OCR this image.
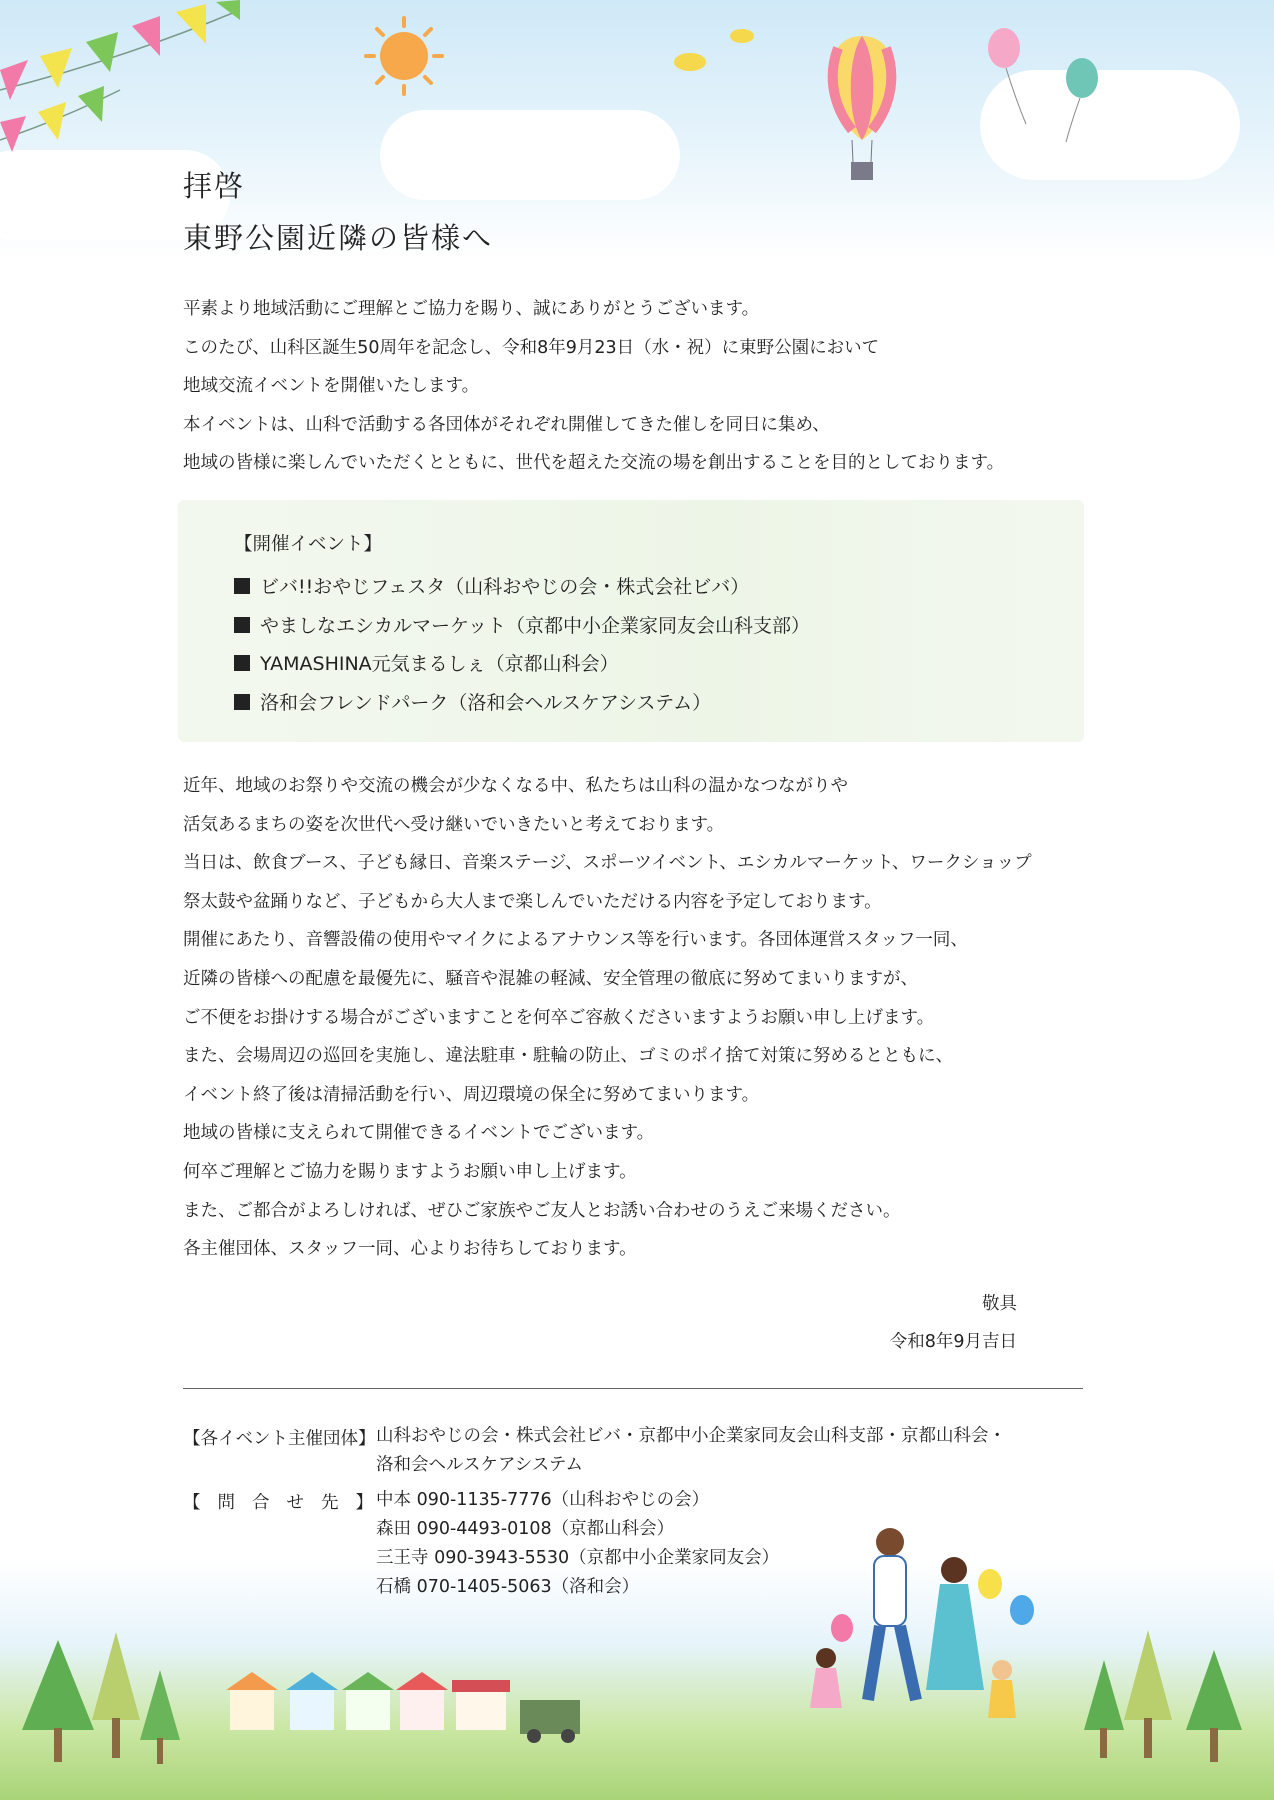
拝啓
東野公園近隣の皆様へ
平素より地域活動にご理解とご協力を賜り、誠にありがとうございます。
このたび、山科区誕生50周年を記念し、令和8年9月23日（水・祝）に東野公園において
地域交流イベントを開催いたします。
本イベントは、山科で活動する各団体がそれぞれ開催してきた催しを同日に集め、
地域の皆様に楽しんでいただくとともに、世代を超えた交流の場を創出することを目的としております。
【開催イベント】
ビバ!!おやじフェスタ（山科おやじの会・株式会社ビバ）
やましなエシカルマーケット（京都中小企業家同友会山科支部）
YAMASHINA元気まるしぇ（京都山科会）
洛和会フレンドパーク（洛和会ヘルスケアシステム）
近年、地域のお祭りや交流の機会が少なくなる中、私たちは山科の温かなつながりや
活気あるまちの姿を次世代へ受け継いでいきたいと考えております。
当日は、飲食ブース、子ども縁日、音楽ステージ、スポーツイベント、エシカルマーケット、ワークショップ
祭太鼓や盆踊りなど、子どもから大人まで楽しんでいただける内容を予定しております。
開催にあたり、音響設備の使用やマイクによるアナウンス等を行います。各団体運営スタッフ一同、
近隣の皆様への配慮を最優先に、騒音や混雑の軽減、安全管理の徹底に努めてまいりますが、
ご不便をお掛けする場合がございますことを何卒ご容赦くださいますようお願い申し上げます。
また、会場周辺の巡回を実施し、違法駐車・駐輪の防止、ゴミのポイ捨て対策に努めるとともに、
イベント終了後は清掃活動を行い、周辺環境の保全に努めてまいります。
地域の皆様に支えられて開催できるイベントでございます。
何卒ご理解とご協力を賜りますようお願い申し上げます。
また、ご都合がよろしければ、ぜひご家族やご友人とお誘い合わせのうえご来場ください。
各主催団体、スタッフ一同、心よりお待ちしております。
敬具
令和8年9月吉日
【各イベント主催団体】 山科おやじの会・株式会社ビバ・京都中小企業家同友会山科支部・京都山科会・
洛和会ヘルスケアシステム
【問合せ先】
中本 090-1135-7776（山科おやじの会）
森田 090-4493-0108（京都山科会）
三王寺 090-3943-5530（京都中小企業家同友会）
石橋 070-1405-5063（洛和会）
